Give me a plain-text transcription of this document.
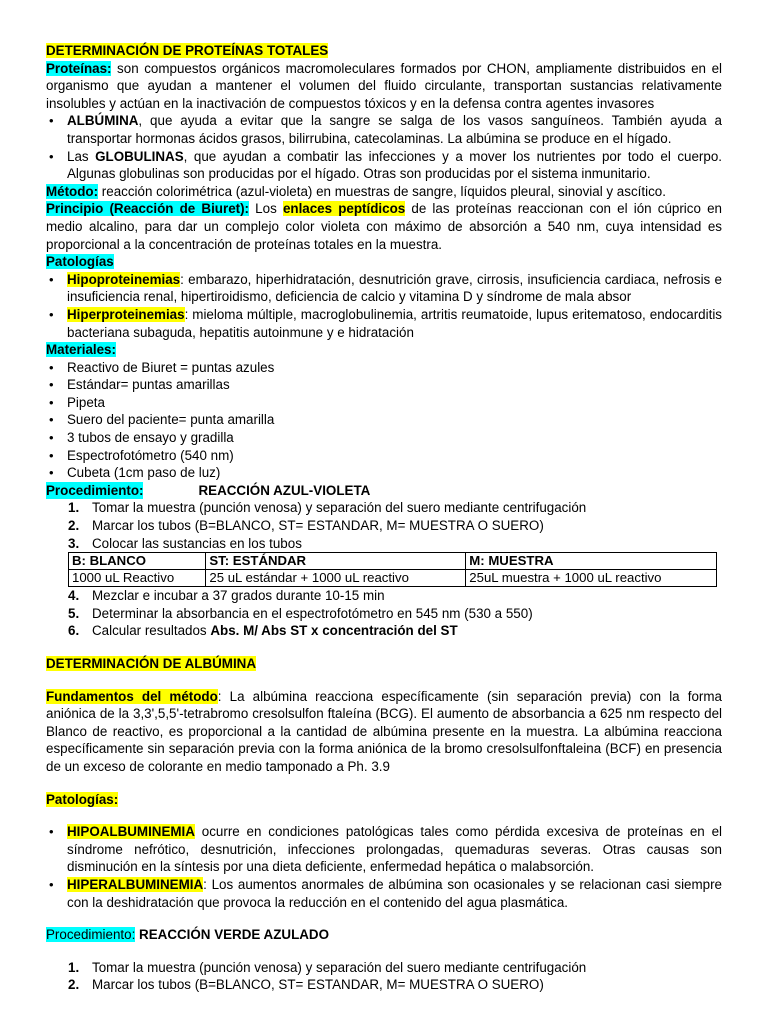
DETERMINACIÓN DE PROTEÍNAS TOTALES

Proteínas: son compuestos orgánicos macromoleculares formados por CHON, ampliamente distribuidos en el organismo que ayudan a mantener el volumen del fluido circulante, transportan sustancias relativamente insolubles y actúan en la inactivación de compuestos tóxicos y en la defensa contra agentes invasores

• ALBÚMINA, que ayuda a evitar que la sangre se salga de los vasos sanguíneos. También ayuda a transportar hormonas ácidos grasos, bilirrubina, catecolaminas. La albúmina se produce en el hígado.
• Las GLOBULINAS, que ayudan a combatir las infecciones y a mover los nutrientes por todo el cuerpo. Algunas globulinas son producidas por el hígado. Otras son producidas por el sistema inmunitario.

Método: reacción colorimétrica (azul-violeta) en muestras de sangre, líquidos pleural, sinovial y ascítico.

Principio (Reacción de Biuret): Los enlaces peptídicos de las proteínas reaccionan con el ión cúprico en medio alcalino, para dar un complejo color violeta con máximo de absorción a 540 nm, cuya intensidad es proporcional a la concentración de proteínas totales en la muestra.

Patologías

• Hipoproteinemias: embarazo, hiperhidratación, desnutrición grave, cirrosis, insuficiencia cardiaca, nefrosis e insuficiencia renal, hipertiroidismo, deficiencia de calcio y vitamina D y síndrome de mala absor
• Hiperproteinemias: mieloma múltiple, macroglobulinemia, artritis reumatoide, lupus eritematoso, endocarditis bacteriana subaguda, hepatitis autoinmune y e hidratación

Materiales:

• Reactivo de Biuret = puntas azules
• Estándar= puntas amarillas
• Pipeta
• Suero del paciente= punta amarilla
• 3 tubos de ensayo y gradilla
• Espectrofotómetro (540 nm)
• Cubeta (1cm paso de luz)
Procedimiento:	REACCIÓN AZUL-VIOLETA
1. Tomar la muestra (punción venosa) y separación del suero mediante centrifugación
2. Marcar los tubos (B=BLANCO, ST= ESTANDAR, M= MUESTRA O SUERO)
3. Colocar las sustancias en los tubos
B: BLANCO	ST: ESTÁNDAR	M: MUESTRA
1000 uL Reactivo	25 uL estándar + 1000 uL reactivo	25uL muestra + 1000 uL reactivo
4. Mezclar e incubar a 37 grados durante 10-15 min
5. Determinar la absorbancia en el espectrofotómetro en 545 nm (530 a 550)
6. Calcular resultados Abs. M/ Abs ST x concentración del ST

DETERMINACIÓN DE ALBÚMINA

Fundamentos del método: La albúmina reacciona específicamente (sin separación previa) con la forma aniónica de la 3,3',5,5'-tetrabromo cresolsulfon ftaleína (BCG). El aumento de absorbancia a 625 nm respecto del Blanco de reactivo, es proporcional a la cantidad de albúmina presente en la muestra. La albúmina reacciona específicamente sin separación previa con la forma aniónica de la bromo cresolsulfonftaleina (BCF) en presencia de un exceso de colorante en medio tamponado a Ph. 3.9

Patologías:

• HIPOALBUMINEMIA ocurre en condiciones patológicas tales como pérdida excesiva de proteínas en el síndrome nefrótico, desnutrición, infecciones prolongadas, quemaduras severas. Otras causas son disminución en la síntesis por una dieta deficiente, enfermedad hepática o malabsorción.
• HIPERALBUMINEMIA: Los aumentos anormales de albúmina son ocasionales y se relacionan casi siempre con la deshidratación que provoca la reducción en el contenido del agua plasmática.

Procedimiento: REACCIÓN VERDE AZULADO

1. Tomar la muestra (punción venosa) y separación del suero mediante centrifugación
2. Marcar los tubos (B=BLANCO, ST= ESTANDAR, M= MUESTRA O SUERO)
